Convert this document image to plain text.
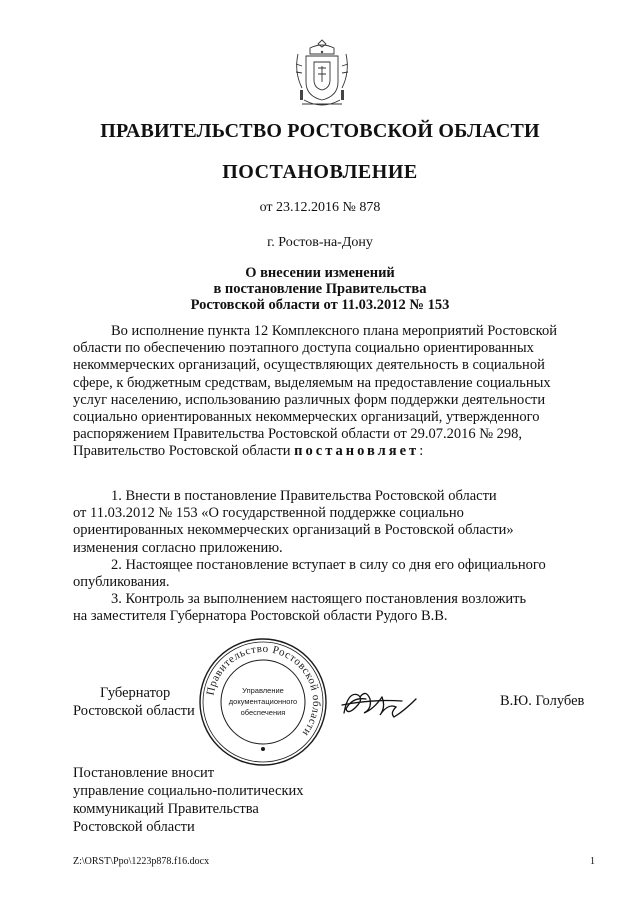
ПРАВИТЕЛЬСТВО РОСТОВСКОЙ ОБЛАСТИ
ПОСТАНОВЛЕНИЕ
от 23.12.2016 № 878
г. Ростов-на-Дону
О внесении изменений
в постановление Правительства
Ростовской области от 11.03.2012 № 153
Во исполнение пункта 12 Комплексного плана мероприятий Ростовской
области по обеспечению поэтапного доступа социально ориентированных
некоммерческих организаций, осуществляющих деятельность в социальной
сфере, к бюджетным средствам, выделяемым на предоставление социальных
услуг населению, использованию различных форм поддержки деятельности
социально ориентированных некоммерческих организаций, утвержденного
распоряжением Правительства Ростовской области от 29.07.2016 № 298,
Правительство Ростовской области постановляет:
1. Внести в постановление Правительства Ростовской области
от 11.03.2012 № 153 «О государственной поддержке социально
ориентированных некоммерческих организаций в Ростовской области»
изменения согласно приложению.
2. Настоящее постановление вступает в силу со дня его официального
опубликования.
3. Контроль за выполнением настоящего постановления возложить
на заместителя Губернатора Ростовской области Рудого В.В.
Губернатор
Ростовской области
Правительство Ростовской области
Управление
документационного
обеспечения
В.Ю. Голубев
Постановление вносит
управление социально-политических
коммуникаций Правительства
Ростовской области
Z:\ORST\Ppo\1223p878.f16.docx	1
